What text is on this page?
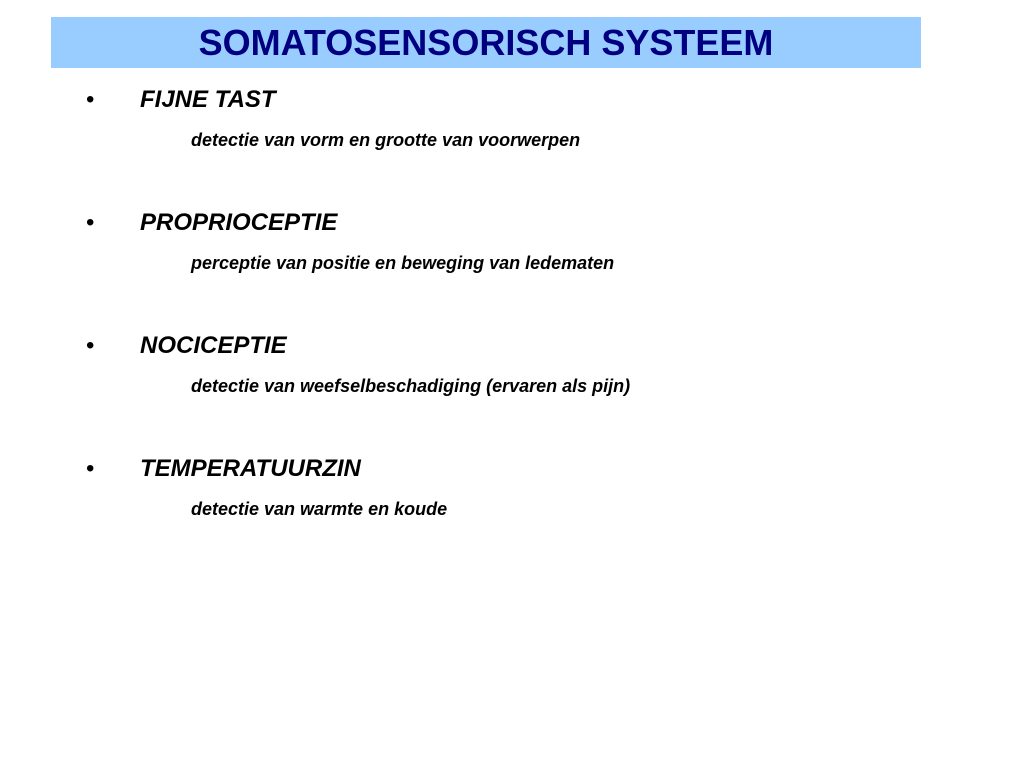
SOMATOSENSORISCH SYSTEEM
• FIJNE TAST
detectie van vorm en grootte van voorwerpen
• PROPRIOCEPTIE
perceptie van positie en beweging van ledematen
• NOCICEPTIE
detectie van weefselbeschadiging (ervaren als pijn)
• TEMPERATUURZIN
detectie van warmte en koude
